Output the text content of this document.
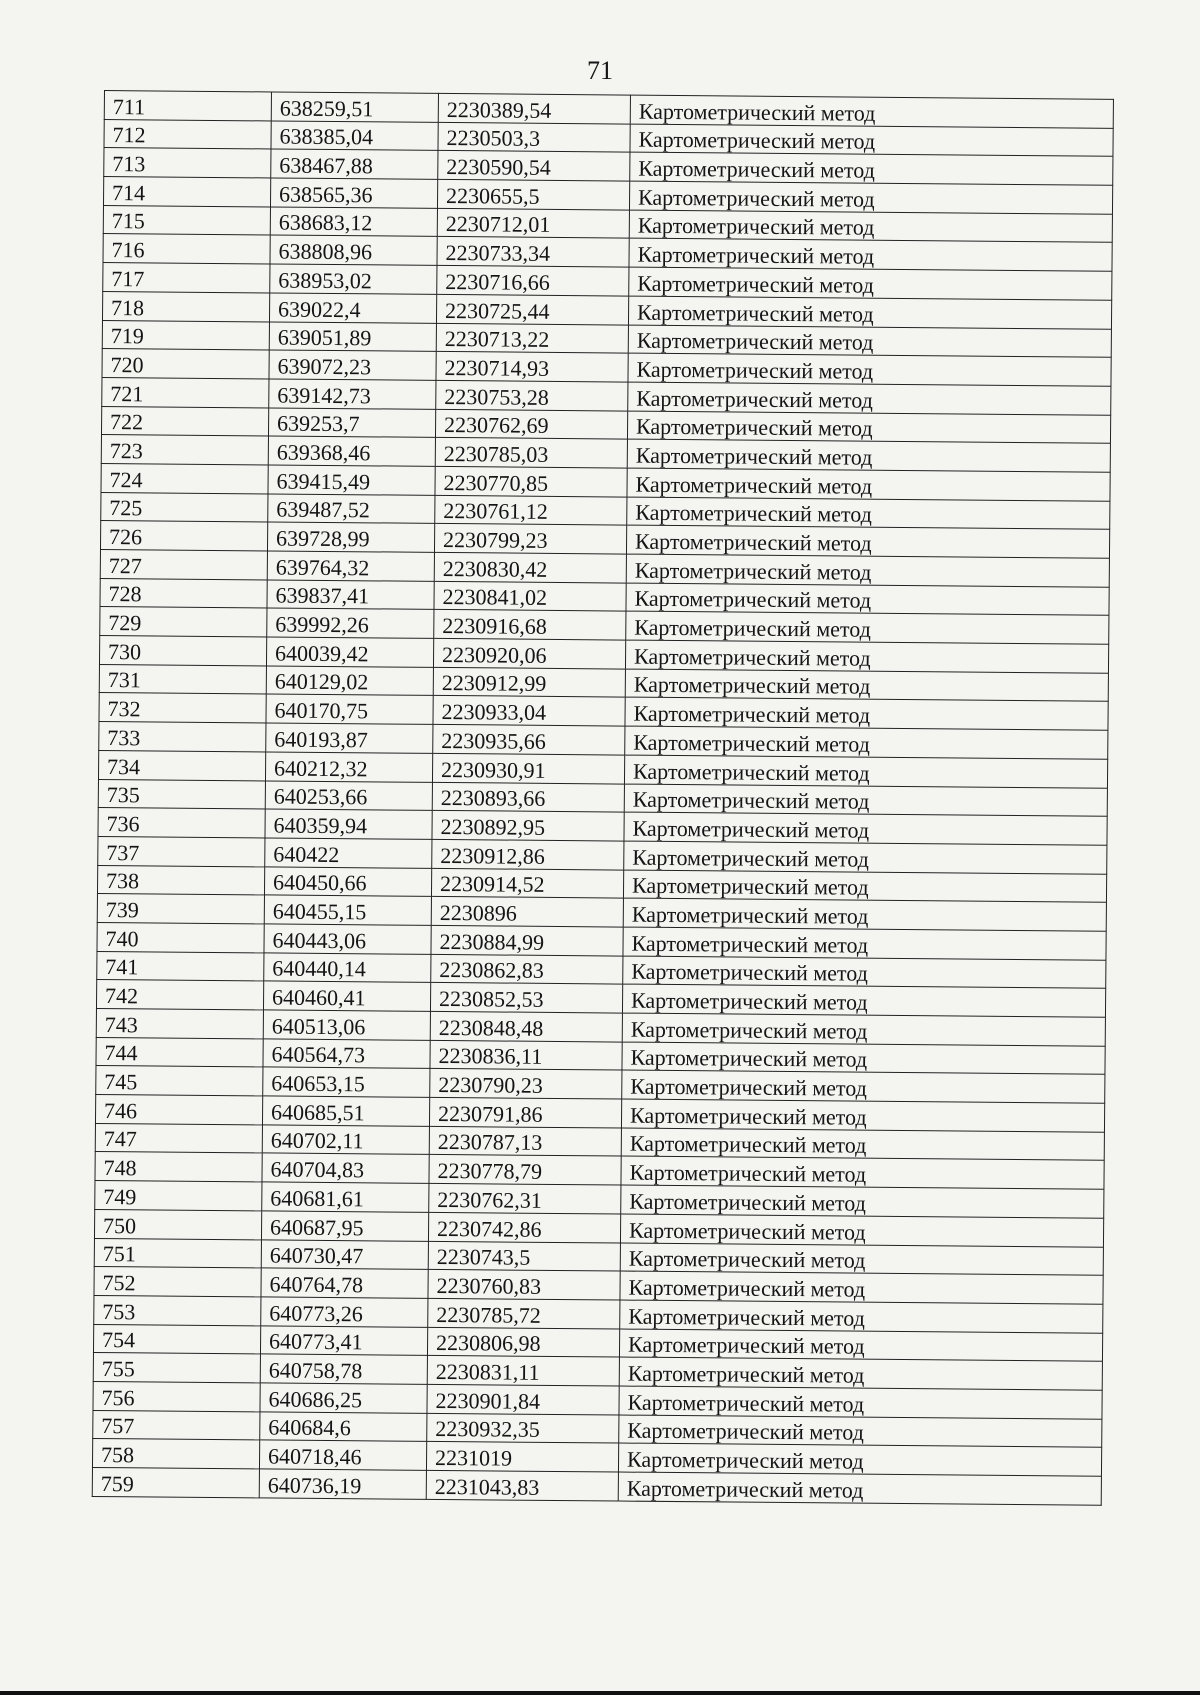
71
711	638259,51	2230389,54	Картометрический метод
712	638385,04	2230503,3	Картометрический метод
713	638467,88	2230590,54	Картометрический метод
714	638565,36	2230655,5	Картометрический метод
715	638683,12	2230712,01	Картометрический метод
716	638808,96	2230733,34	Картометрический метод
717	638953,02	2230716,66	Картометрический метод
718	639022,4	2230725,44	Картометрический метод
719	639051,89	2230713,22	Картометрический метод
720	639072,23	2230714,93	Картометрический метод
721	639142,73	2230753,28	Картометрический метод
722	639253,7	2230762,69	Картометрический метод
723	639368,46	2230785,03	Картометрический метод
724	639415,49	2230770,85	Картометрический метод
725	639487,52	2230761,12	Картометрический метод
726	639728,99	2230799,23	Картометрический метод
727	639764,32	2230830,42	Картометрический метод
728	639837,41	2230841,02	Картометрический метод
729	639992,26	2230916,68	Картометрический метод
730	640039,42	2230920,06	Картометрический метод
731	640129,02	2230912,99	Картометрический метод
732	640170,75	2230933,04	Картометрический метод
733	640193,87	2230935,66	Картометрический метод
734	640212,32	2230930,91	Картометрический метод
735	640253,66	2230893,66	Картометрический метод
736	640359,94	2230892,95	Картометрический метод
737	640422	2230912,86	Картометрический метод
738	640450,66	2230914,52	Картометрический метод
739	640455,15	2230896	Картометрический метод
740	640443,06	2230884,99	Картометрический метод
741	640440,14	2230862,83	Картометрический метод
742	640460,41	2230852,53	Картометрический метод
743	640513,06	2230848,48	Картометрический метод
744	640564,73	2230836,11	Картометрический метод
745	640653,15	2230790,23	Картометрический метод
746	640685,51	2230791,86	Картометрический метод
747	640702,11	2230787,13	Картометрический метод
748	640704,83	2230778,79	Картометрический метод
749	640681,61	2230762,31	Картометрический метод
750	640687,95	2230742,86	Картометрический метод
751	640730,47	2230743,5	Картометрический метод
752	640764,78	2230760,83	Картометрический метод
753	640773,26	2230785,72	Картометрический метод
754	640773,41	2230806,98	Картометрический метод
755	640758,78	2230831,11	Картометрический метод
756	640686,25	2230901,84	Картометрический метод
757	640684,6	2230932,35	Картометрический метод
758	640718,46	2231019	Картометрический метод
759	640736,19	2231043,83	Картометрический метод
